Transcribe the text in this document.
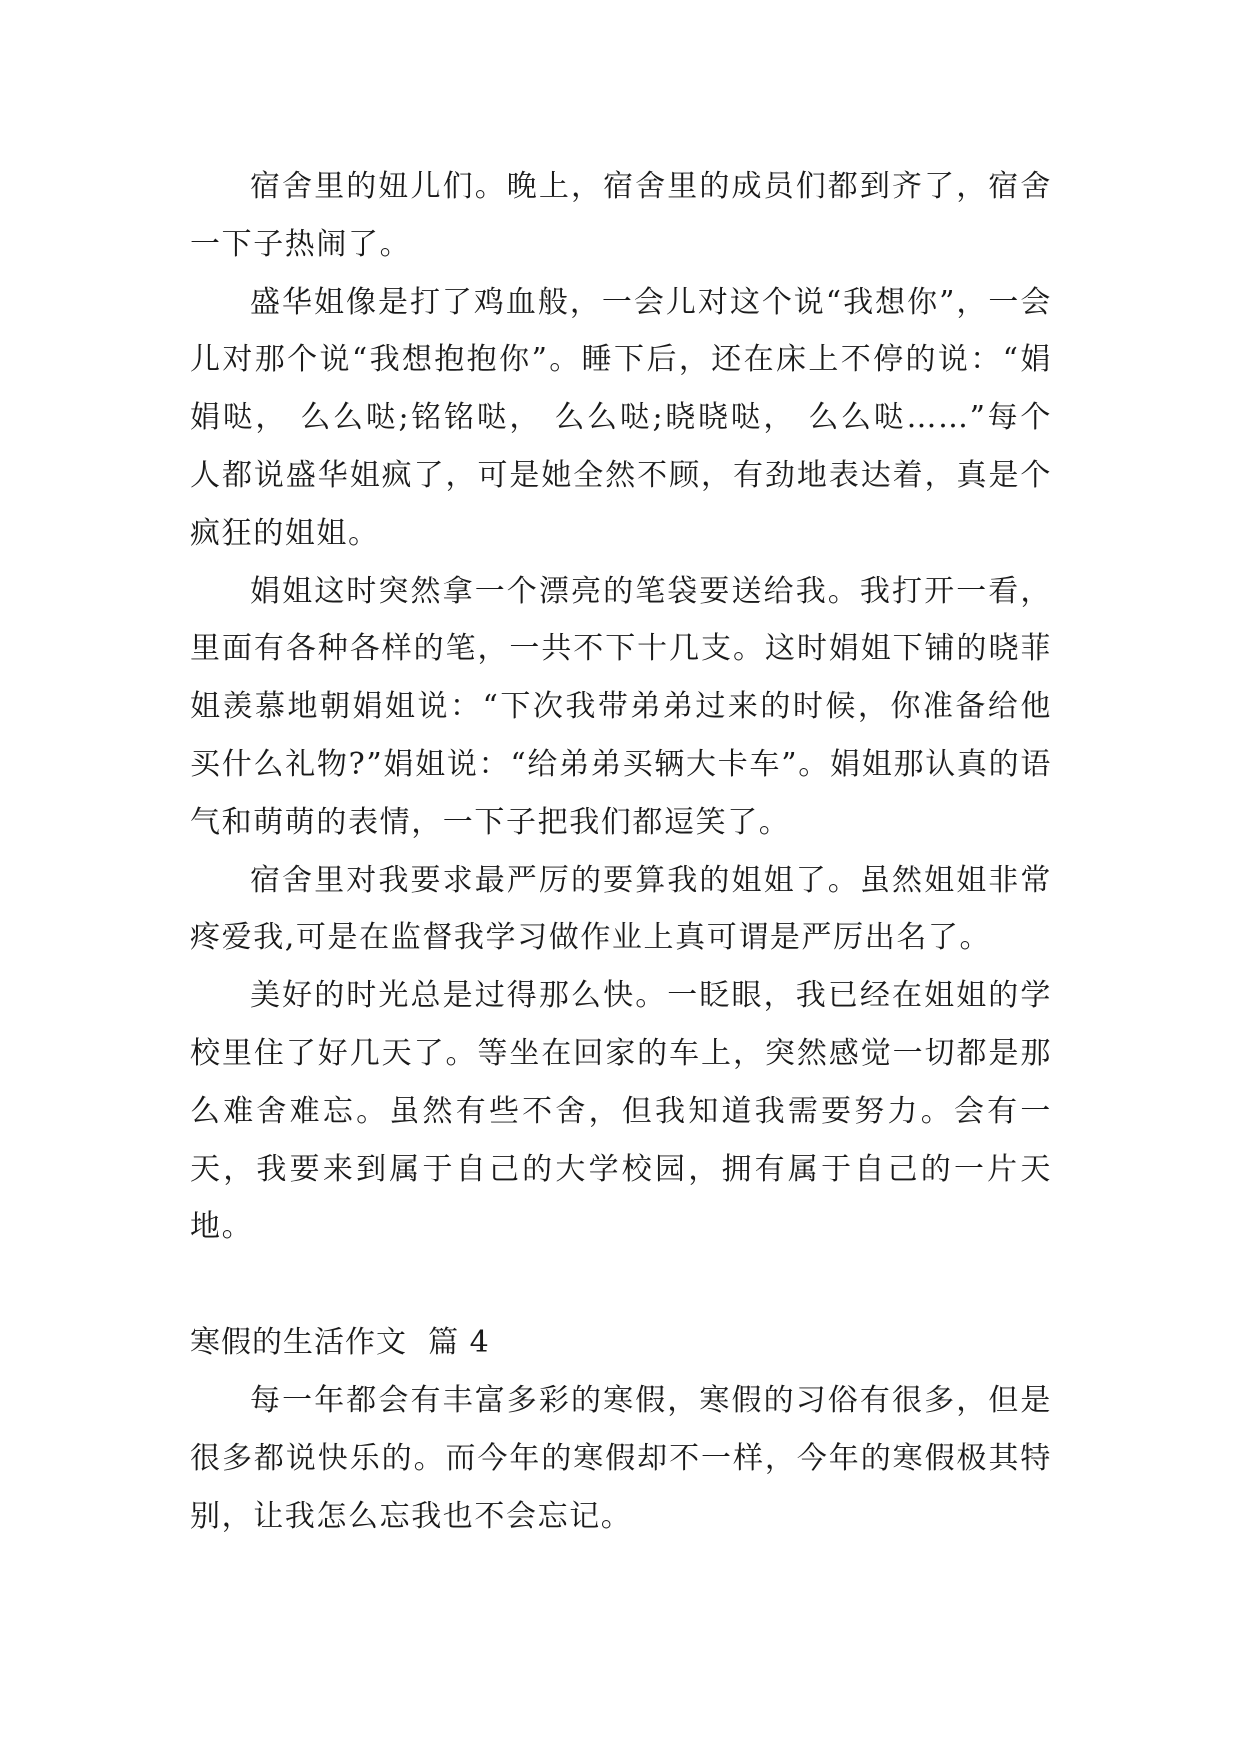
宿舍里的妞儿们。晚上，宿舍里的成员们都到齐了，宿舍一下子热闹了。

盛华姐像是打了鸡血般，一会儿对这个说“我想你”，一会儿对那个说“我想抱抱你”。睡下后，还在床上不停的说：“娟娟哒， 么么哒;铭铭哒， 么么哒;晓晓哒， 么么哒……”每个人都说盛华姐疯了，可是她全然不顾，有劲地表达着，真是个疯狂的姐姐。

娟姐这时突然拿一个漂亮的笔袋要送给我。我打开一看，里面有各种各样的笔，一共不下十几支。这时娟姐下铺的晓菲姐羡慕地朝娟姐说：“下次我带弟弟过来的时候，你准备给他买什么礼物?”娟姐说：“给弟弟买辆大卡车”。娟姐那认真的语气和萌萌的表情，一下子把我们都逗笑了。

宿舍里对我要求最严厉的要算我的姐姐了。虽然姐姐非常疼爱我,可是在监督我学习做作业上真可谓是严厉出名了。

美好的时光总是过得那么快。一眨眼，我已经在姐姐的学校里住了好几天了。等坐在回家的车上，突然感觉一切都是那么难舍难忘。虽然有些不舍，但我知道我需要努力。会有一天，我要来到属于自己的大学校园，拥有属于自己的一片天地。

寒假的生活作文  篇 4

每一年都会有丰富多彩的寒假，寒假的习俗有很多，但是很多都说快乐的。而今年的寒假却不一样，今年的寒假极其特别，让我怎么忘我也不会忘记。
